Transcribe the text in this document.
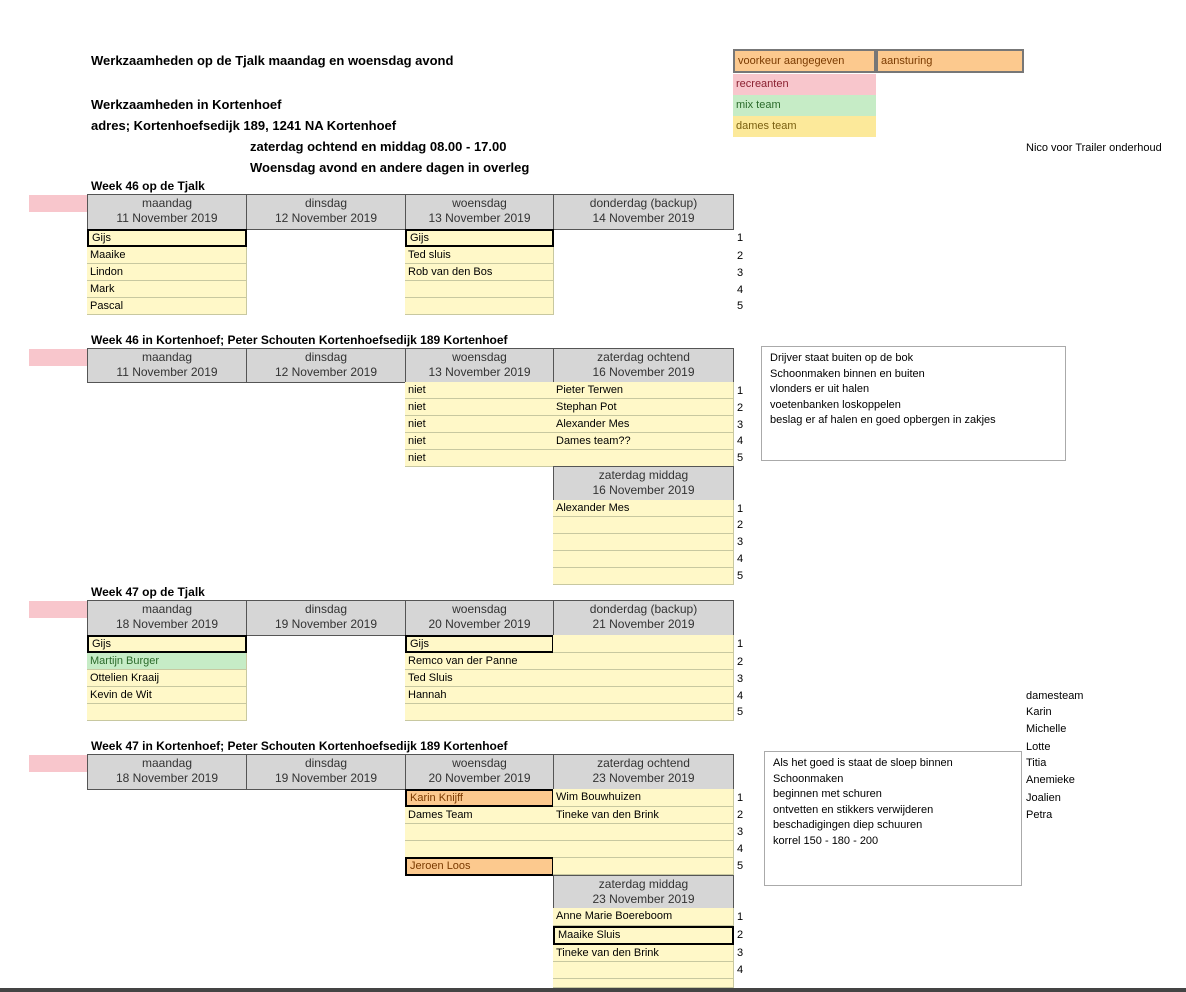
Werkzaamheden op de Tjalk maandag en woensdag avond
Werkzaamheden in Kortenhoef
adres; Kortenhoefsedijk 189, 1241 NA Kortenhoef
zaterdag ochtend en middag 08.00 - 17.00
Woensdag avond en andere dagen in overleg
voorkeur aangegeven	aansturing
recreanten
mix team
dames team
Nico voor Trailer onderhoud
damesteam
Karin
Michelle
Lotte
Titia
Anemieke
Joalien
Petra
Week 46 op de Tjalk
maandag
11 November 2019
dinsdag
12 November 2019
woensdag
13 November 2019
donderdag (backup)
14 November 2019
Gijs
Maaike
Lindon
Mark
Pascal
Gijs
Ted sluis
Rob van den Bos
1
2
3
4
5
Week 46 in Kortenhoef; Peter Schouten Kortenhoefsedijk 189 Kortenhoef
maandag
11 November 2019
dinsdag
12 November 2019
woensdag
13 November 2019
zaterdag ochtend
16 November 2019
niet
niet
niet
niet
niet
Pieter Terwen
Stephan Pot
Alexander Mes
Dames team??
1
2
3
4
5
zaterdag middag
16 November 2019
Alexander Mes	1
2
3
4
5
Drijver staat buiten op de bok
Schoonmaken binnen en buiten
vlonders er uit halen
voetenbanken loskoppelen
beslag er af halen en goed opbergen in zakjes
Week 47 op de Tjalk
maandag
18 November 2019
dinsdag
19 November 2019
woensdag
20 November 2019
donderdag (backup)
21 November 2019
Gijs
Martijn Burger
Ottelien Kraaij
Kevin de Wit
Gijs
Remco van der Panne
Ted Sluis
Hannah
1
2
3
4
5
Week 47 in Kortenhoef; Peter Schouten Kortenhoefsedijk 189 Kortenhoef
maandag
18 November 2019
dinsdag
19 November 2019
woensdag
20 November 2019
zaterdag ochtend
23 November 2019
Karin Knijff
Dames Team
Jeroen Loos
Wim Bouwhuizen
Tineke van den Brink
1
2
3
4
5
zaterdag middag
23 November 2019
Anne Marie Boereboom
Maaike Sluis
Tineke van den Brink
1
2
3
4
Als het goed is staat de sloep binnen
Schoonmaken
beginnen met schuren
ontvetten en stikkers verwijderen
beschadigingen diep schuuren
korrel 150 - 180 - 200
